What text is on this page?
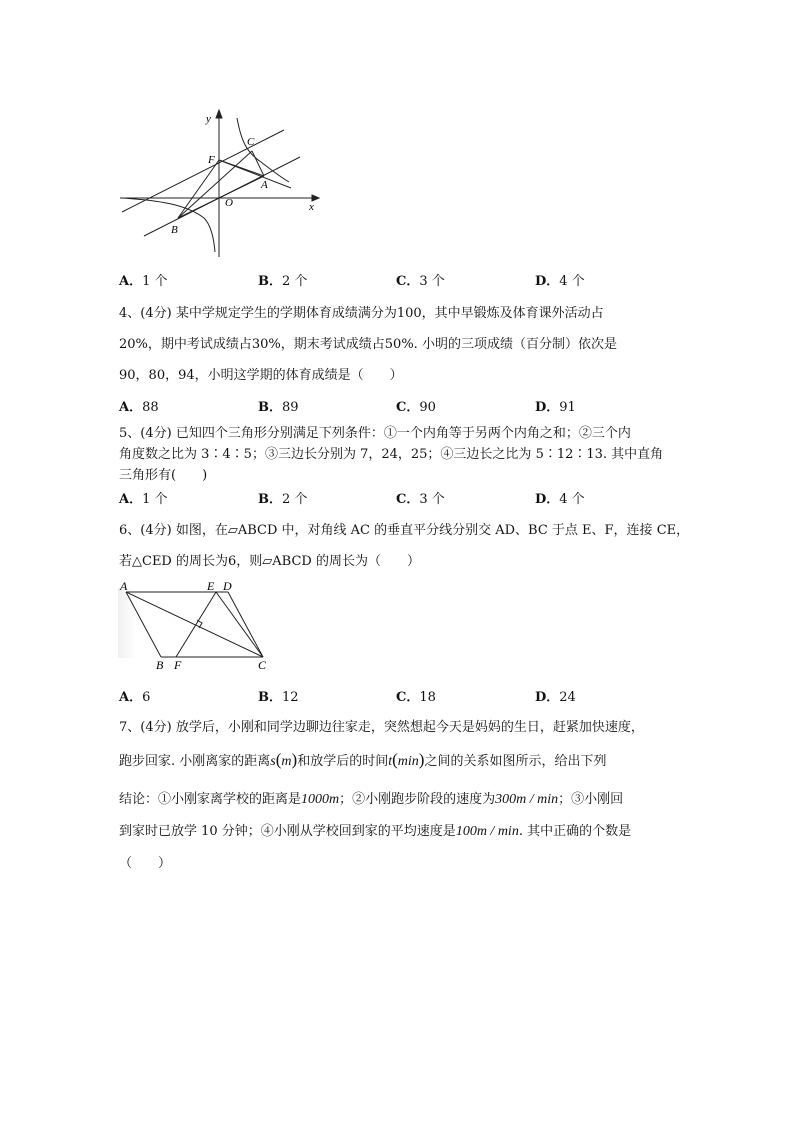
y
x
C
F
A
O
B
A．1 个	B．2 个	C．3 个	D．4 个
4、(4分) 某中学规定学生的学期体育成绩满分为100，其中早锻炼及体育课外活动占
20%，期中考试成绩占30%，期末考试成绩占50%. 小明的三项成绩（百分制）依次是
90，80，94，小明这学期的体育成绩是（　　）
A．88	B．89	C．90	D．91
5、(4分) 已知四个三角形分别满足下列条件：①一个内角等于另两个内角之和；②三个内
角度数之比为 3∶4∶5；③三边长分别为 7，24，25；④三边长之比为 5∶12∶13. 其中直角
三角形有(　　)
A．1 个	B．2 个	C．3 个	D．4 个
6、(4分) 如图，在▱ABCD 中，对角线 AC 的垂直平分线分别交 AD、BC 于点 E、F，连接 CE，
若△CED 的周长为6，则▱ABCD 的周长为（　　）
A	E D
B F	C
A．6	B．12	C．18	D．24
7、(4分) 放学后，小刚和同学边聊边往家走，突然想起今天是妈妈的生日，赶紧加快速度，
跑步回家. 小刚离家的距离s(m)和放学后的时间t(min)之间的关系如图所示，给出下列
结论：①小刚家离学校的距离是1000m；②小刚跑步阶段的速度为300m / min；③小刚回
到家时已放学 10 分钟；④小刚从学校回到家的平均速度是100m / min. 其中正确的个数是
（　　）
